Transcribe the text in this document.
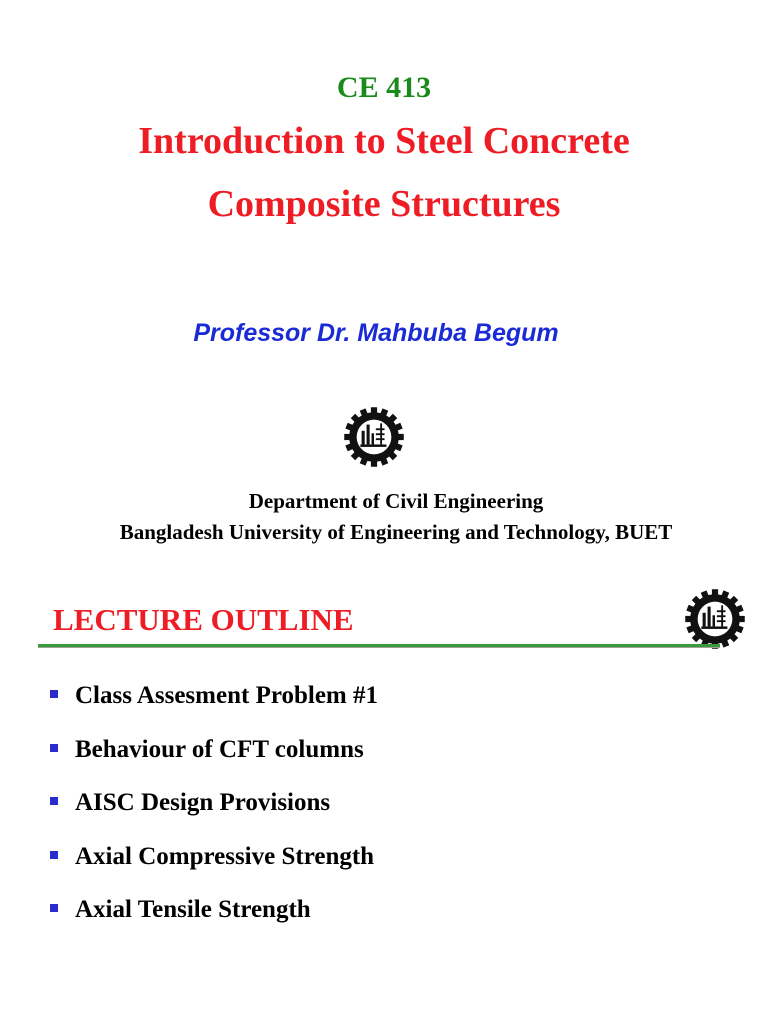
CE 413
Introduction to Steel Concrete
Composite Structures
Professor Dr. Mahbuba Begum
Department of Civil Engineering
Bangladesh University of Engineering and Technology, BUET
LECTURE OUTLINE
Class Assesment Problem #1
Behaviour of CFT columns
AISC Design Provisions
Axial Compressive Strength
Axial Tensile Strength
